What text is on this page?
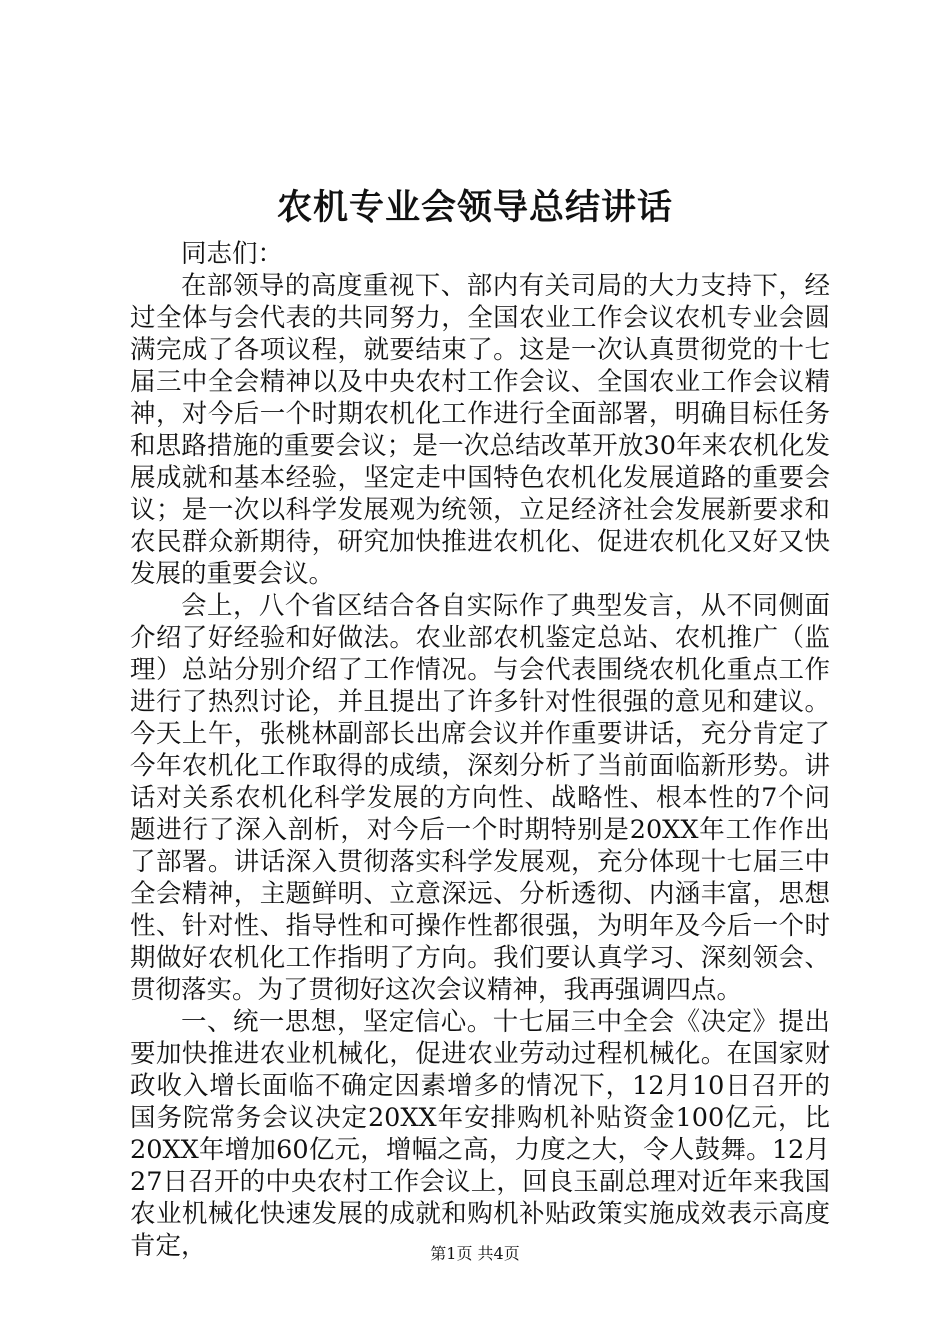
农机专业会领导总结讲话

同志们：

在部领导的高度重视下、部内有关司局的大力支持下，经过全体与会代表的共同努力，全国农业工作会议农机专业会圆满完成了各项议程，就要结束了。这是一次认真贯彻党的十七届三中全会精神以及中央农村工作会议、全国农业工作会议精神，对今后一个时期农机化工作进行全面部署，明确目标任务和思路措施的重要会议；是一次总结改革开放30年来农机化发展成就和基本经验，坚定走中国特色农机化发展道路的重要会议；是一次以科学发展观为统领，立足经济社会发展新要求和农民群众新期待，研究加快推进农机化、促进农机化又好又快发展的重要会议。

会上，八个省区结合各自实际作了典型发言，从不同侧面介绍了好经验和好做法。农业部农机鉴定总站、农机推广（监理）总站分别介绍了工作情况。与会代表围绕农机化重点工作进行了热烈讨论，并且提出了许多针对性很强的意见和建议。今天上午，张桃林副部长出席会议并作重要讲话，充分肯定了今年农机化工作取得的成绩，深刻分析了当前面临新形势。讲话对关系农机化科学发展的方向性、战略性、根本性的7个问题进行了深入剖析，对今后一个时期特别是20XX年工作作出了部署。讲话深入贯彻落实科学发展观，充分体现十七届三中全会精神，主题鲜明、立意深远、分析透彻、内涵丰富，思想性、针对性、指导性和可操作性都很强，为明年及今后一个时期做好农机化工作指明了方向。我们要认真学习、深刻领会、贯彻落实。为了贯彻好这次会议精神，我再强调四点。

一、统一思想，坚定信心。十七届三中全会《决定》提出要加快推进农业机械化，促进农业劳动过程机械化。在国家财政收入增长面临不确定因素增多的情况下，12月10日召开的国务院常务会议决定20XX年安排购机补贴资金100亿元，比20XX年增加60亿元，增幅之高，力度之大，令人鼓舞。12月27日召开的中央农村工作会议上，回良玉副总理对近年来我国农业机械化快速发展的成就和购机补贴政策实施成效表示高度肯定，	第1页 共4页
